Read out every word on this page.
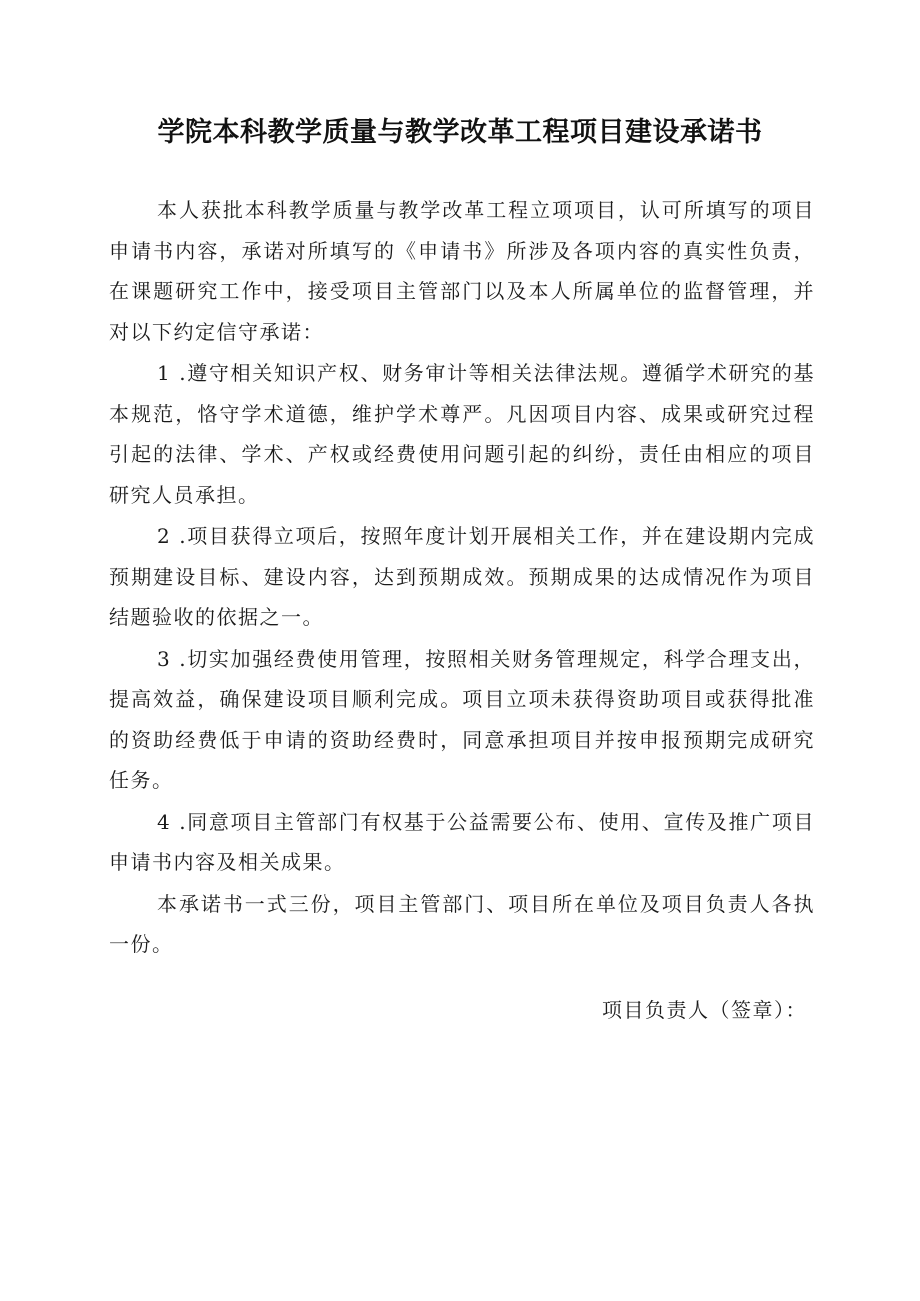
学院本科教学质量与教学改革工程项目建设承诺书

本人获批本科教学质量与教学改革工程立项项目，认可所填写的项目申请书内容，承诺对所填写的《申请书》所涉及各项内容的真实性负责，在课题研究工作中，接受项目主管部门以及本人所属单位的监督管理，并对以下约定信守承诺：

1 .遵守相关知识产权、财务审计等相关法律法规。遵循学术研究的基本规范，恪守学术道德，维护学术尊严。凡因项目内容、成果或研究过程引起的法律、学术、产权或经费使用问题引起的纠纷，责任由相应的项目研究人员承担。

2 .项目获得立项后，按照年度计划开展相关工作，并在建设期内完成预期建设目标、建设内容，达到预期成效。预期成果的达成情况作为项目结题验收的依据之一。

3 .切实加强经费使用管理，按照相关财务管理规定，科学合理支出，提高效益，确保建设项目顺利完成。项目立项未获得资助项目或获得批准的资助经费低于申请的资助经费时，同意承担项目并按申报预期完成研究任务。

4 .同意项目主管部门有权基于公益需要公布、使用、宣传及推广项目申请书内容及相关成果。

本承诺书一式三份，项目主管部门、项目所在单位及项目负责人各执一份。

项目负责人（签章）：
